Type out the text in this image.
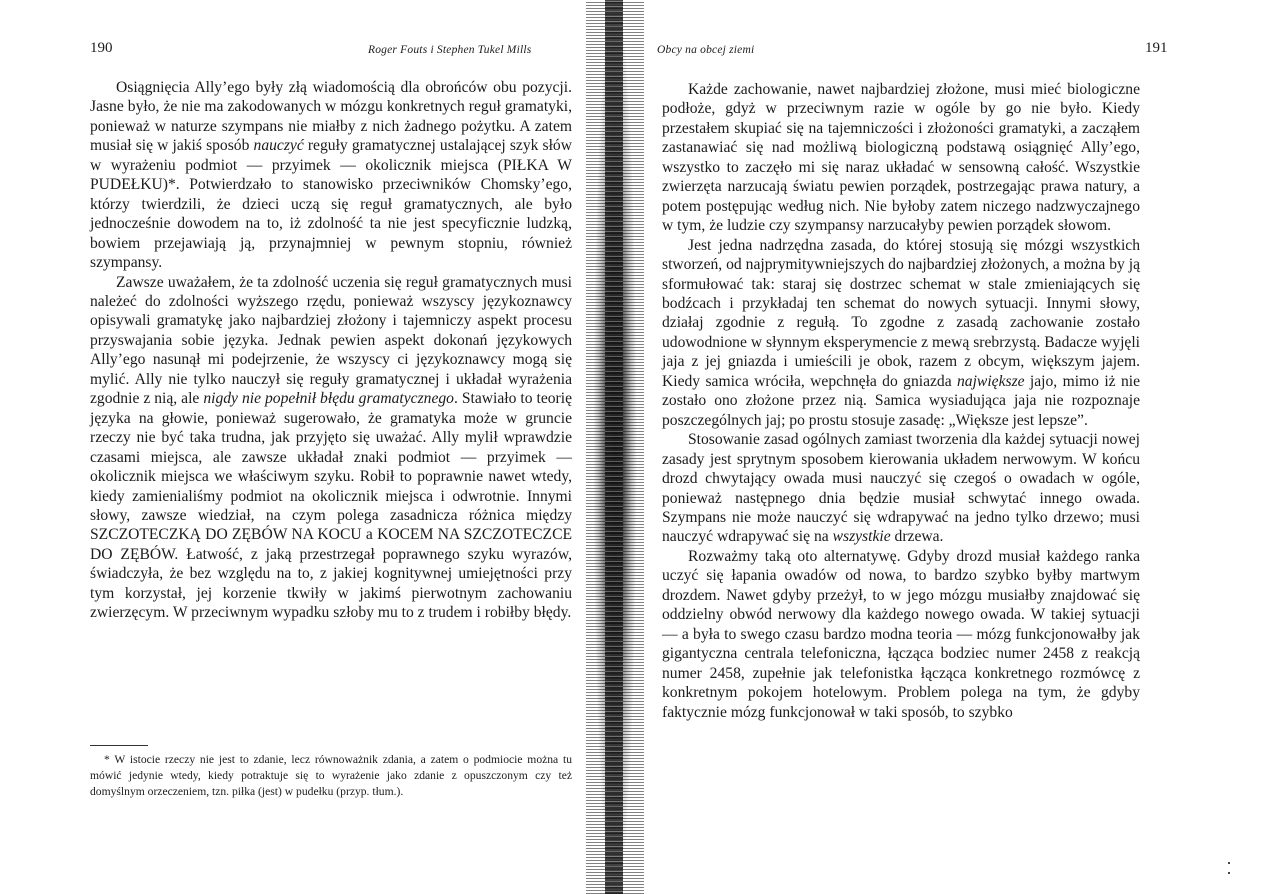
190	Roger Fouts i Stephen Tukel Mills

Osiągnięcia Ally’ego były złą wiadomością dla obrońców obu pozycji. Jasne było, że nie ma zakodowanych w mózgu konkretnych reguł gramatyki, ponieważ w naturze szympans nie miałby z nich żadnego pożytku. A zatem musiał się w jakiś sposób nauczyć reguły gramatycznej ustalającej szyk słów w wyrażeniu podmiot — przyimek — okolicznik miejsca (PIŁKA W PUDEŁKU)*. Potwierdzało to stanowisko przeciwników Chomsky’ego, którzy twierdzili, że dzieci uczą się reguł gramatycznych, ale było jednocześnie dowodem na to, iż zdolność ta nie jest specyficznie ludzką, bowiem przejawiają ją, przynajmniej w pewnym stopniu, również szympansy.

Zawsze uważałem, że ta zdolność uczenia się reguł gramatycznych musi należeć do zdolności wyższego rzędu, ponieważ wszyscy językoznawcy opisywali gramatykę jako najbardziej złożony i tajemniczy aspekt procesu przyswajania sobie języka. Jednak pewien aspekt dokonań językowych Ally’ego nasunął mi podejrzenie, że wszyscy ci językoznawcy mogą się mylić. Ally nie tylko nauczył się reguły gramatycznej i układał wyrażenia zgodnie z nią, ale nigdy nie popełnił błędu gramatycznego. Stawiało to teorię języka na głowie, ponieważ sugerowało, że gramatyka może w gruncie rzeczy nie być taka trudna, jak przyjęto się uważać. Ally mylił wprawdzie czasami miejsca, ale zawsze układał znaki podmiot — przyimek — okolicznik miejsca we właściwym szyku. Robił to poprawnie nawet wtedy, kiedy zamienialiśmy podmiot na okolicznik miejsca i odwrotnie. Innymi słowy, zawsze wiedział, na czym polega zasadnicza różnica między SZCZOTECZKĄ DO ZĘBÓW NA KOCU a KOCEM NA SZCZOTECZCE DO ZĘBÓW. Łatwość, z jaką przestrzegał poprawnego szyku wyrazów, świadczyła, że bez względu na to, z jakiej kognitywnej umiejętności przy tym korzystał, jej korzenie tkwiły w jakimś pierwotnym zachowaniu zwierzęcym. W przeciwnym wypadku szłoby mu to z trudem i robiłby błędy.

* W istocie rzeczy nie jest to zdanie, lecz równoważnik zdania, a zatem o podmiocie można tu mówić jedynie wtedy, kiedy potraktuje się to wyrażenie jako zdanie z opuszczonym czy też domyślnym orzeczeniem, tzn. piłka (jest) w pudełku (przyp. tłum.).

Obcy na obcej ziemi	191

Każde zachowanie, nawet najbardziej złożone, musi mieć biologiczne podłoże, gdyż w przeciwnym razie w ogóle by go nie było. Kiedy przestałem skupiać się na tajemniczości i złożoności gramatyki, a zacząłem zastanawiać się nad możliwą biologiczną podstawą osiągnięć Ally’ego, wszystko to zaczęło mi się naraz układać w sensowną całość. Wszystkie zwierzęta narzucają światu pewien porządek, postrzegając prawa natury, a potem postępując według nich. Nie byłoby zatem niczego nadzwyczajnego w tym, że ludzie czy szympansy narzucałyby pewien porządek słowom.

Jest jedna nadrzędna zasada, do której stosują się mózgi wszystkich stworzeń, od najprymitywniejszych do najbardziej złożonych, a można by ją sformułować tak: staraj się dostrzec schemat w stale zmieniających się bodźcach i przykładaj ten schemat do nowych sytuacji. Innymi słowy, działaj zgodnie z regułą. To zgodne z zasadą zachowanie zostało udowodnione w słynnym eksperymencie z mewą srebrzystą. Badacze wyjęli jaja z jej gniazda i umieścili je obok, razem z obcym, większym jajem. Kiedy samica wróciła, wepchnęła do gniazda największe jajo, mimo iż nie zostało ono złożone przez nią. Samica wysiadująca jaja nie rozpoznaje poszczególnych jaj; po prostu stosuje zasadę: „Większe jest lepsze”.

Stosowanie zasad ogólnych zamiast tworzenia dla każdej sytuacji nowej zasady jest sprytnym sposobem kierowania układem nerwowym. W końcu drozd chwytający owada musi nauczyć się czegoś o owadach w ogóle, ponieważ następnego dnia będzie musiał schwytać innego owada. Szympans nie może nauczyć się wdrapywać na jedno tylko drzewo; musi nauczyć wdrapywać się na wszystkie drzewa.

Rozważmy taką oto alternatywę. Gdyby drozd musiał każdego ranka uczyć się łapania owadów od nowa, to bardzo szybko byłby martwym drozdem. Nawet gdyby przeżył, to w jego mózgu musiałby znajdować się oddzielny obwód nerwowy dla każdego nowego owada. W takiej sytuacji — a była to swego czasu bardzo modna teoria — mózg funkcjonowałby jak gigantyczna centrala telefoniczna, łącząca bodziec numer 2458 z reakcją numer 2458, zupełnie jak telefonistka łącząca konkretnego rozmówcę z konkretnym pokojem hotelowym. Problem polega na tym, że gdyby faktycznie mózg funkcjonował w taki sposób, to szybko
